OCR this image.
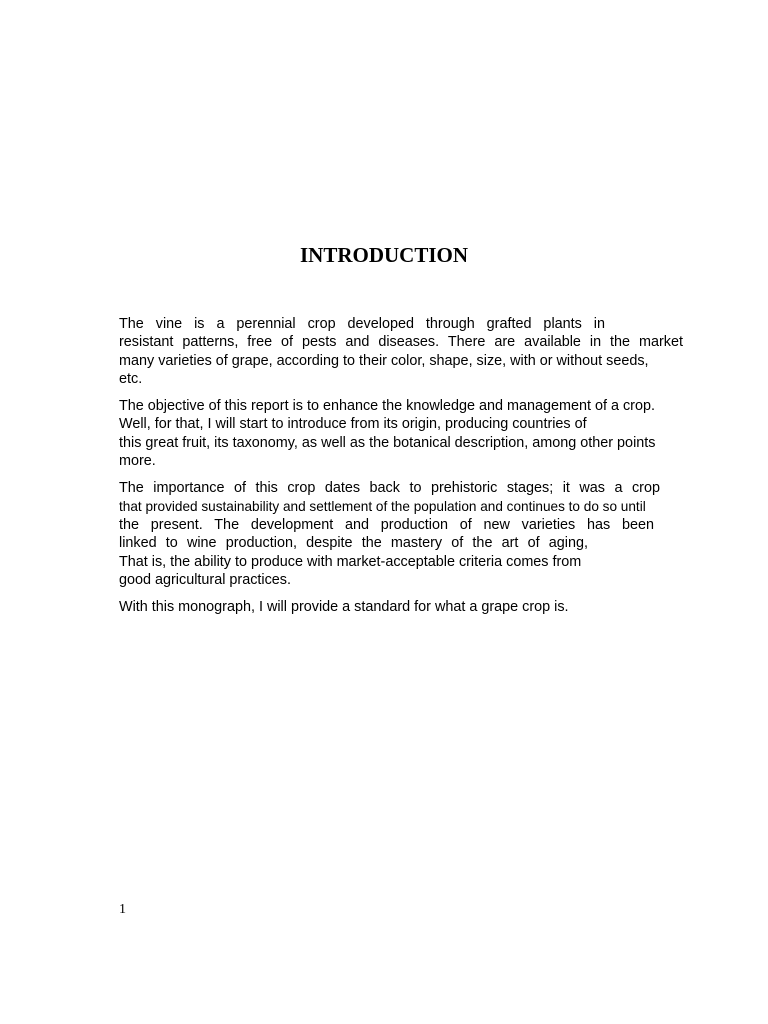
INTRODUCTION

The vine is a perennial crop developed through grafted plants in
resistant patterns, free of pests and diseases. There are available in the market
many varieties of grape, according to their color, shape, size, with or without seeds,
etc.

The objective of this report is to enhance the knowledge and management of a crop.
Well, for that, I will start to introduce from its origin, producing countries of
this great fruit, its taxonomy, as well as the botanical description, among other points
more.

The importance of this crop dates back to prehistoric stages; it was a crop
that provided sustainability and settlement of the population and continues to do so until
the present. The development and production of new varieties has been
linked to wine production, despite the mastery of the art of aging,
That is, the ability to produce with market-acceptable criteria comes from
good agricultural practices.

With this monograph, I will provide a standard for what a grape crop is.

1
